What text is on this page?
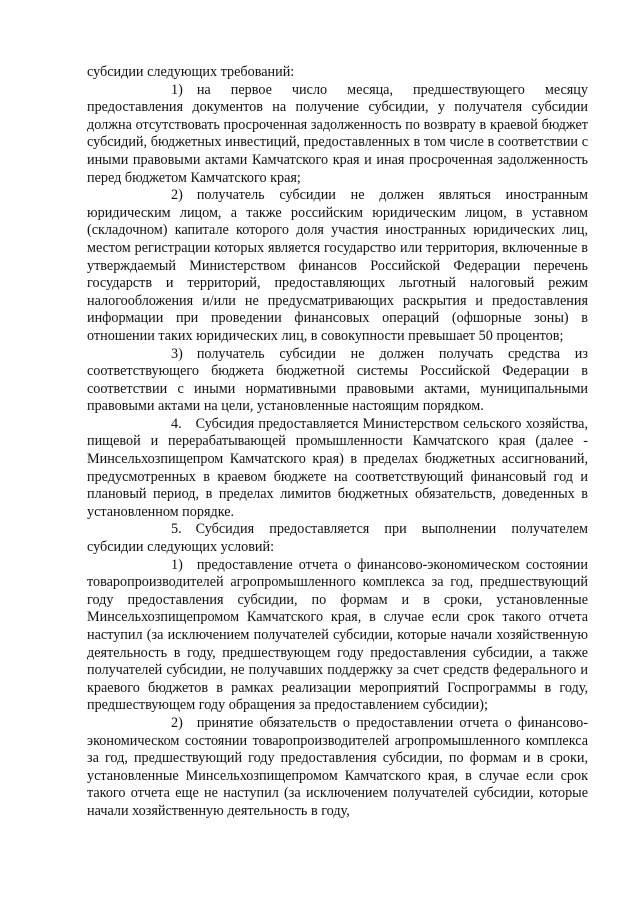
субсидии следующих требований:

1) на первое число месяца, предшествующего месяцу предоставления документов на получение субсидии, у получателя субсидии должна отсутствовать просроченная задолженность по возврату в краевой бюджет субсидий, бюджетных инвестиций, предоставленных в том числе в соответствии с иными правовыми актами Камчатского края и иная просроченная задолженность перед бюджетом Камчатского края;

2) получатель субсидии не должен являться иностранным юридическим лицом, а также российским юридическим лицом, в уставном (складочном) капитале которого доля участия иностранных юридических лиц, местом регистрации которых является государство или территория, включенные в утверждаемый Министерством финансов Российской Федерации перечень государств и территорий, предоставляющих льготный налоговый режим налогообложения и/или не предусматривающих раскрытия и предоставления информации при проведении финансовых операций (офшорные зоны) в отношении таких юридических лиц, в совокупности превышает 50 процентов;

3) получатель субсидии не должен получать средства из соответствующего бюджета бюджетной системы Российской Федерации в соответствии с иными нормативными правовыми актами, муниципальными правовыми актами на цели, установленные настоящим порядком.

4. Субсидия предоставляется Министерством сельского хозяйства, пищевой и перерабатывающей промышленности Камчатского края (далее - Минсельхозпищепром Камчатского края) в пределах бюджетных ассигнований, предусмотренных в краевом бюджете на соответствующий финансовый год и плановый период, в пределах лимитов бюджетных обязательств, доведенных в установленном порядке.

5. Субсидия предоставляется при выполнении получателем субсидии следующих условий:

1) предоставление отчета о финансово-экономическом состоянии товаропроизводителей агропромышленного комплекса за год, предшествующий году предоставления субсидии, по формам и в сроки, установленные Минсельхозпищепромом Камчатского края, в случае если срок такого отчета наступил (за исключением получателей субсидии, которые начали хозяйственную деятельность в году, предшествующем году предоставления субсидии, а также получателей субсидии, не получавших поддержку за счет средств федерального и краевого бюджетов в рамках реализации мероприятий Госпрограммы в году, предшествующем году обращения за предоставлением субсидии);

2) принятие обязательств о предоставлении отчета о финансово-экономическом состоянии товаропроизводителей агропромышленного комплекса за год, предшествующий году предоставления субсидии, по формам и в сроки, установленные Минсельхозпищепромом Камчатского края, в случае если срок такого отчета еще не наступил (за исключением получателей субсидии, которые начали хозяйственную деятельность в году,
